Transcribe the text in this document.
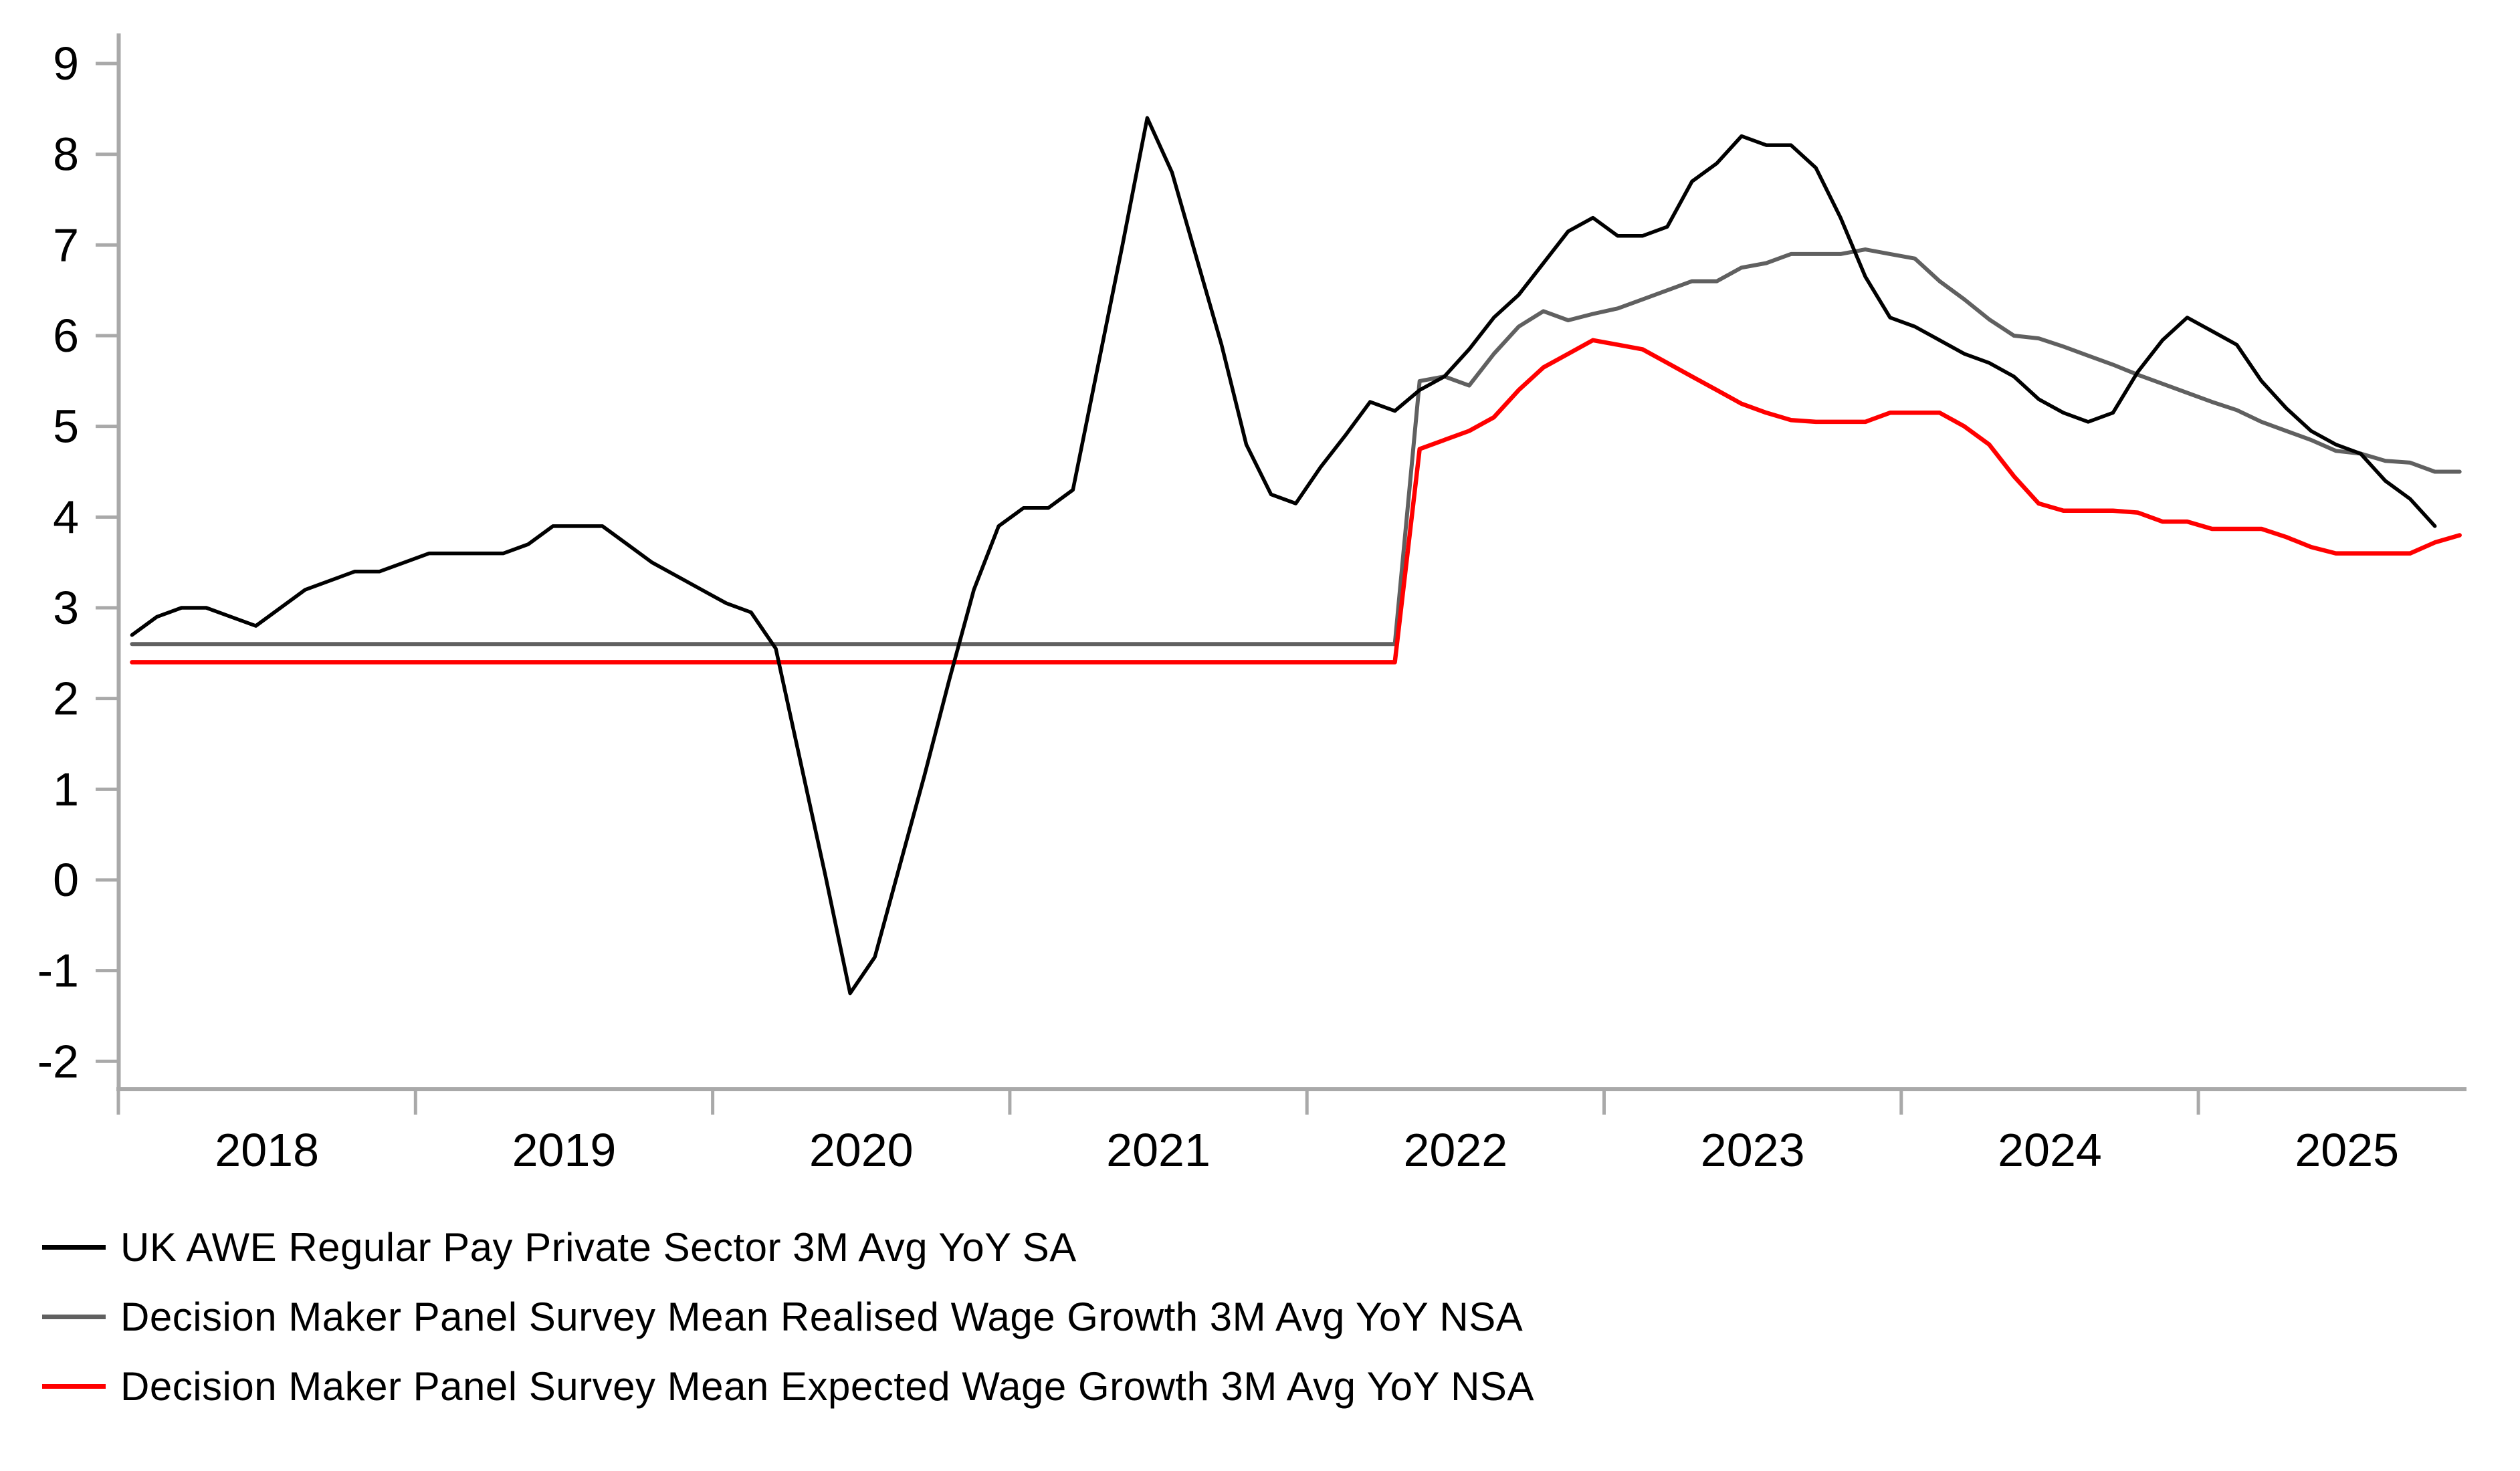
9
8
7
6
5
4
3
2
1
0
-1
-2
2018	2019	2020	2021	2022	2023	2024	2025
UK AWE Regular Pay Private Sector 3M Avg YoY SA
Decision Maker Panel Survey Mean Realised Wage Growth 3M Avg YoY NSA
Decision Maker Panel Survey Mean Expected Wage Growth 3M Avg YoY NSA
